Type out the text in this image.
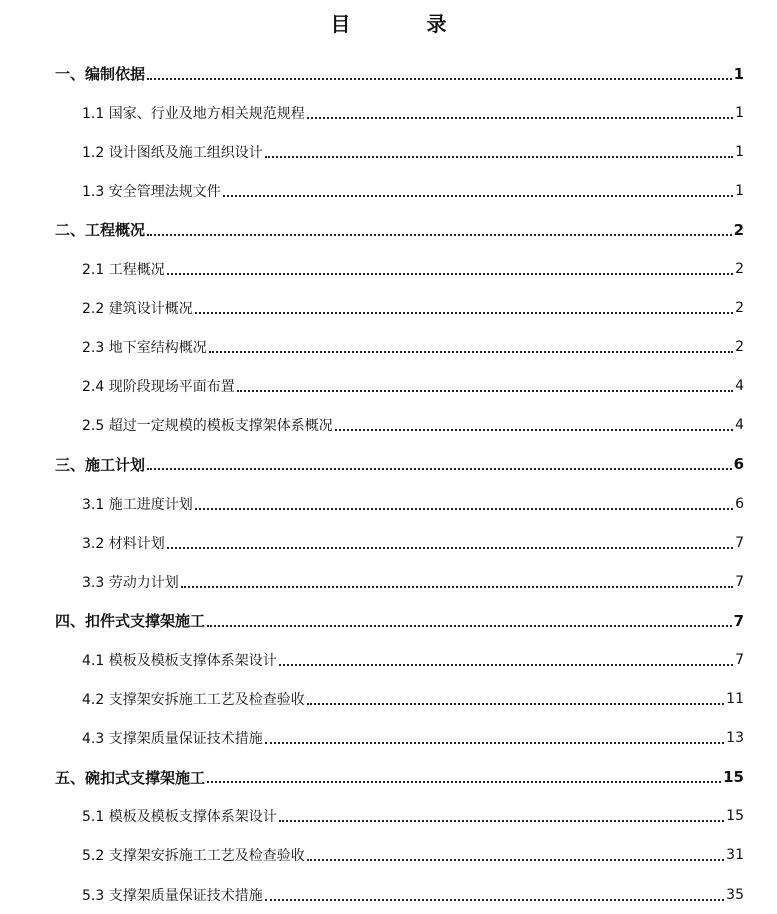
目　录
一、编制依据	1
1.1 国家、行业及地方相关规范规程	1
1.2 设计图纸及施工组织设计	1
1.3 安全管理法规文件	1
二、工程概况	2
2.1 工程概况	2
2.2 建筑设计概况	2
2.3 地下室结构概况	2
2.4 现阶段现场平面布置	4
2.5 超过一定规模的模板支撑架体系概况	4
三、施工计划	6
3.1 施工进度计划	6
3.2 材料计划	7
3.3 劳动力计划	7
四、扣件式支撑架施工	7
4.1 模板及模板支撑体系架设计	7
4.2 支撑架安拆施工工艺及检查验收	11
4.3 支撑架质量保证技术措施	13
五、碗扣式支撑架施工	15
5.1 模板及模板支撑体系架设计	15
5.2 支撑架安拆施工工艺及检查验收	31
5.3 支撑架质量保证技术措施	35
